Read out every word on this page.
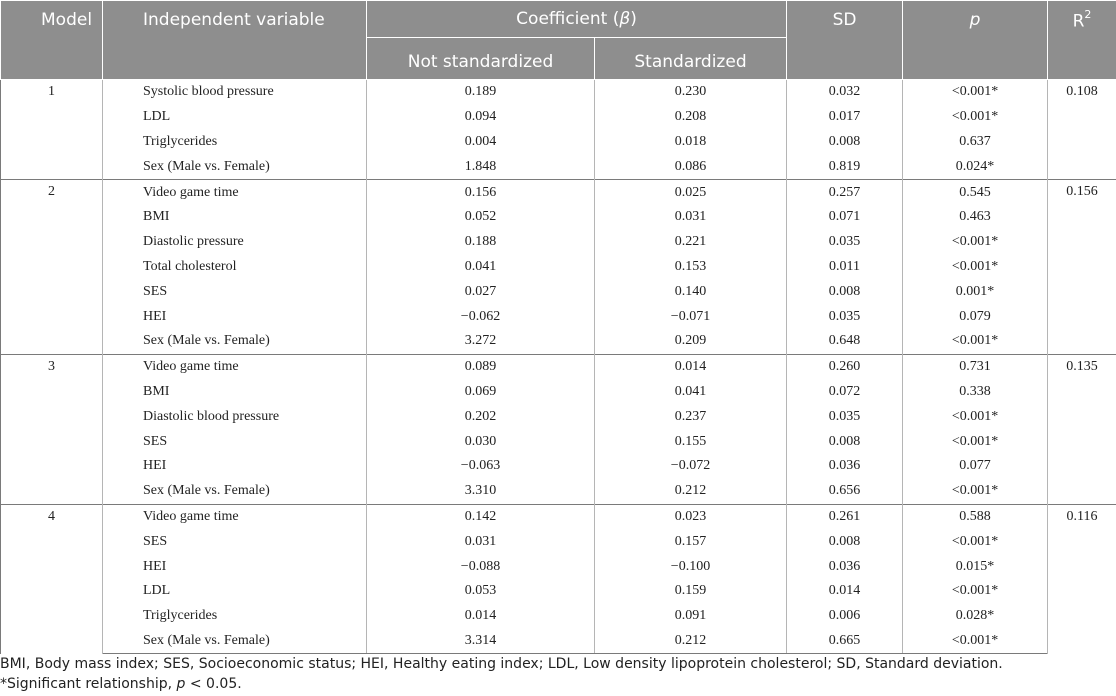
Model	Independent variable	Coefficient (β)		SD	p	$R^2$
		Not standardized	Standardized			
1	Systolic blood pressure	0.189	0.230	0.032	<0.001*	0.108
	LDL	0.094	0.208	0.017	<0.001*	
	Triglycerides	0.004	0.018	0.008	0.637	
	Sex (Male vs. Female)	1.848	0.086	0.819	0.024*	
2	Video game time	0.156	0.025	0.257	0.545	0.156
	BMI	0.052	0.031	0.071	0.463	
	Diastolic pressure	0.188	0.221	0.035	<0.001*	
	Total cholesterol	0.041	0.153	0.011	<0.001*	
	SES	0.027	0.140	0.008	0.001*	
	HEI	−0.062	−0.071	0.035	0.079	
	Sex (Male vs. Female)	3.272	0.209	0.648	<0.001*	
3	Video game time	0.089	0.014	0.260	0.731	0.135
	BMI	0.069	0.041	0.072	0.338	
	Diastolic blood pressure	0.202	0.237	0.035	<0.001*	
	SES	0.030	0.155	0.008	<0.001*	
	HEI	−0.063	−0.072	0.036	0.077	
	Sex (Male vs. Female)	3.310	0.212	0.656	<0.001*	
4	Video game time	0.142	0.023	0.261	0.588	0.116
	SES	0.031	0.157	0.008	<0.001*	
	HEI	−0.088	−0.100	0.036	0.015*	
	LDL	0.053	0.159	0.014	<0.001*	
	Triglycerides	0.014	0.091	0.006	0.028*	
	Sex (Male vs. Female)	3.314	0.212	0.665	<0.001*	
BMI, Body mass index; SES, Socioeconomic status; HEI, Healthy eating index; LDL, Low density lipoprotein cholesterol; SD, Standard deviation.
*Significant relationship, p < 0.05.
